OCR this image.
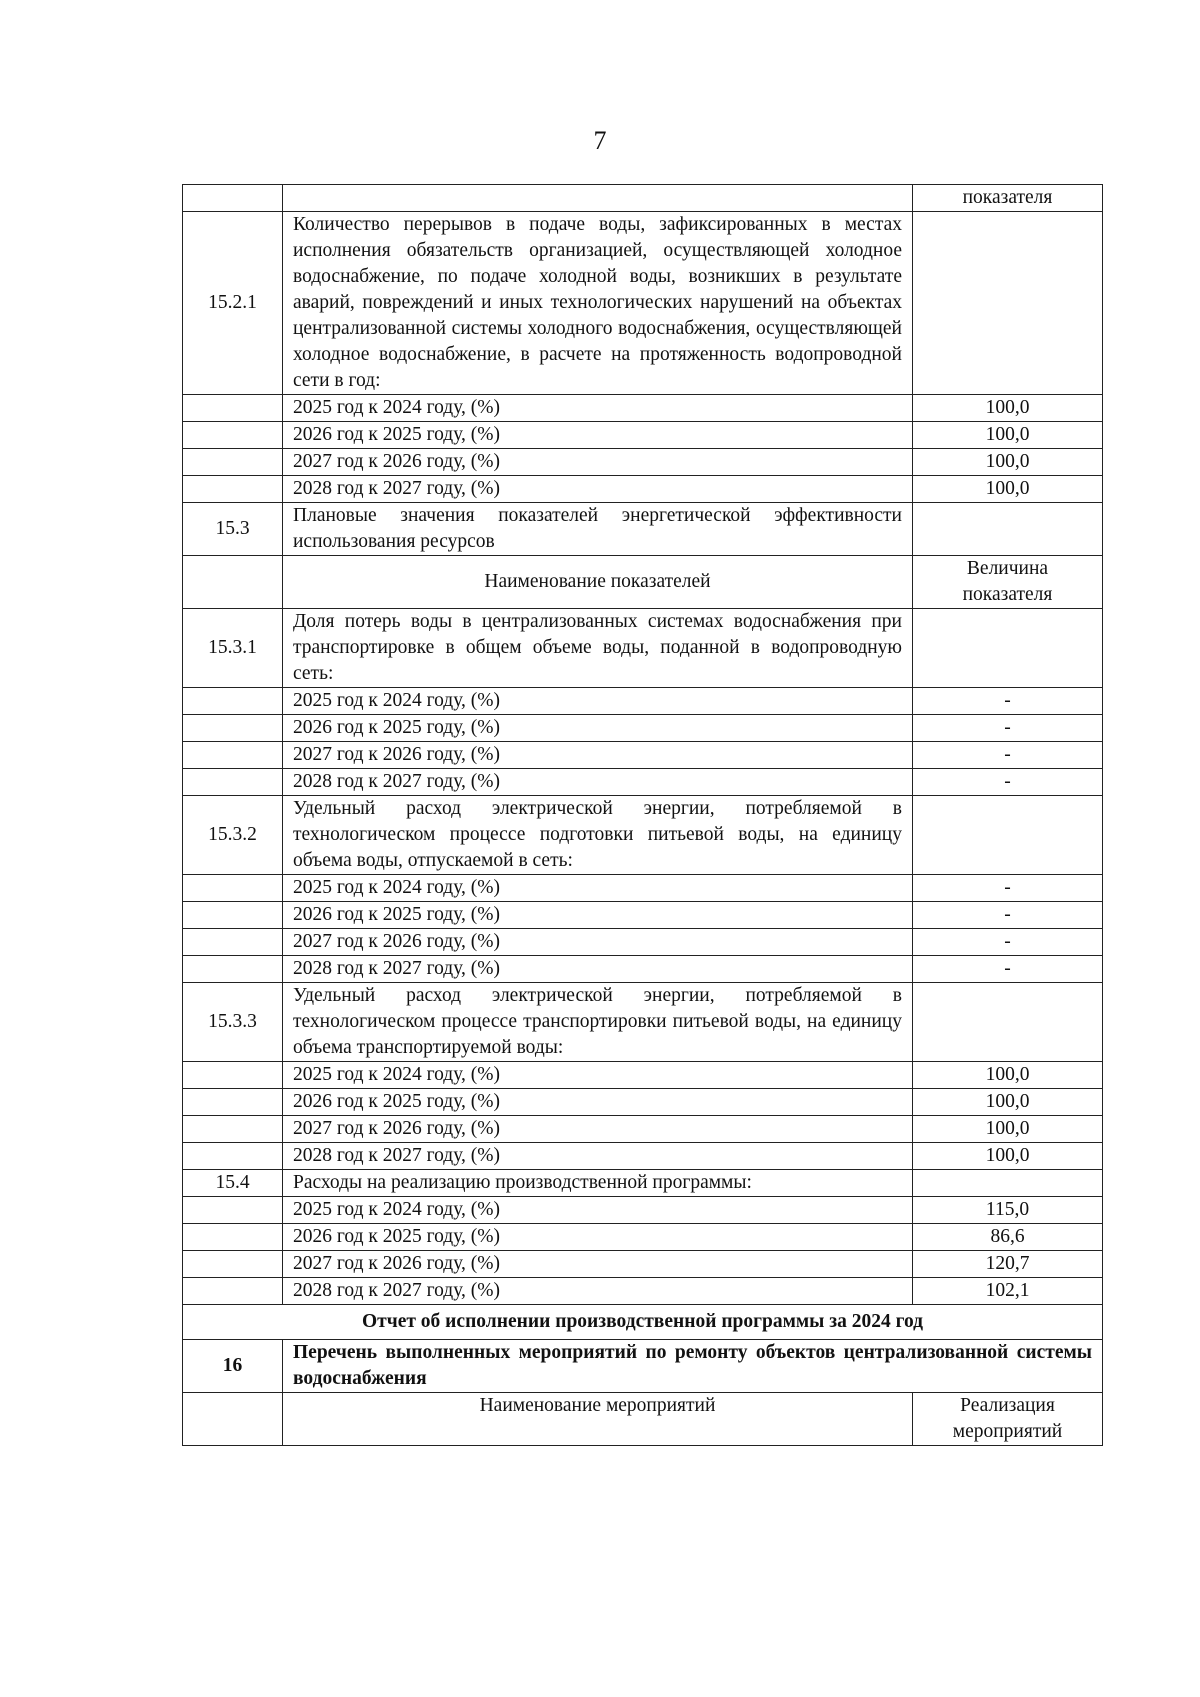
7
		показателя
15.2.1	Количество перерывов в подаче воды, зафиксированных в местах исполнения обязательств организацией, осуществляющей холодное водоснабжение, по подаче холодной воды, возникших в результате аварий, повреждений и иных технологических нарушений на объектах централизованной системы холодного водоснабжения, осуществляющей холодное водоснабжение, в расчете на протяженность водопроводной сети в год:	
	2025 год к 2024 году, (%)	100,0
	2026 год к 2025 году, (%)	100,0
	2027 год к 2026 году, (%)	100,0
	2028 год к 2027 году, (%)	100,0
15.3	Плановые значения показателей энергетической эффективности использования ресурсов	
	Наименование показателей	Величина показателя
15.3.1	Доля потерь воды в централизованных системах водоснабжения при транспортировке в общем объеме воды, поданной в водопроводную сеть:	
	2025 год к 2024 году, (%)	-
	2026 год к 2025 году, (%)	-
	2027 год к 2026 году, (%)	-
	2028 год к 2027 году, (%)	-
15.3.2	Удельный расход электрической энергии, потребляемой в технологическом процессе подготовки питьевой воды, на единицу объема воды, отпускаемой в сеть:	
	2025 год к 2024 году, (%)	-
	2026 год к 2025 году, (%)	-
	2027 год к 2026 году, (%)	-
	2028 год к 2027 году, (%)	-
15.3.3	Удельный расход электрической энергии, потребляемой в технологическом процессе транспортировки питьевой воды, на единицу объема транспортируемой воды:	
	2025 год к 2024 году, (%)	100,0
	2026 год к 2025 году, (%)	100,0
	2027 год к 2026 году, (%)	100,0
	2028 год к 2027 году, (%)	100,0
15.4	Расходы на реализацию производственной программы:	
	2025 год к 2024 году, (%)	115,0
	2026 год к 2025 году, (%)	86,6
	2027 год к 2026 году, (%)	120,7
	2028 год к 2027 году, (%)	102,1
Отчет об исполнении производственной программы за 2024 год		
16	Перечень выполненных мероприятий по ремонту объектов централизованной системы водоснабжения	
	Наименование мероприятий	Реализация мероприятий
